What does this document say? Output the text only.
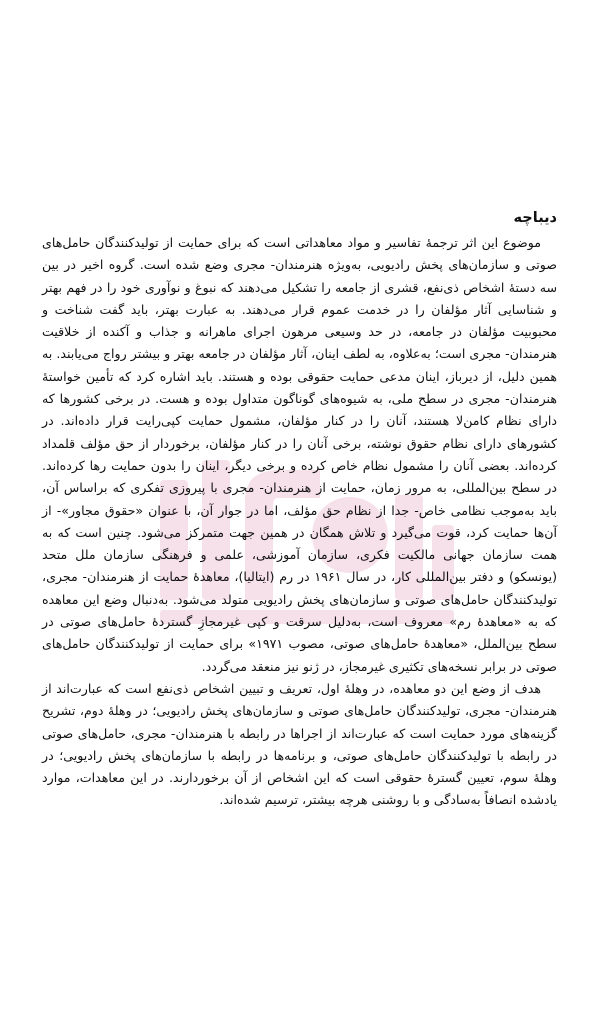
دیباچه

موضوع این اثر ترجمهٔ تفاسیر و مواد معاهداتی است که برای حمایت از تولیدکنندگان حامل‌های صوتی و سازمان‌های پخش رادیویی، به‌ویژه هنرمندان- مجری وضع شده است. گروه اخیر در بین سه دستهٔ اشخاص ذی‌نفع، قشری از جامعه را تشکیل می‌دهند که نبوغ و نوآوری خود را در فهم بهتر و شناسایی آثار مؤلفان را در خدمت عموم قرار می‌دهند. به عبارت بهتر، باید گفت شناخت و محبوبیت مؤلفان در جامعه، در حد وسیعی مرهون اجرای ماهرانه و جذاب و آکنده از خلاقیت هنرمندان- مجری است؛ به‌علاوه، به لطف اینان، آثار مؤلفان در جامعه بهتر و بیشتر رواج می‌یابند. به همین دلیل، از دیرباز، اینان مدعی حمایت حقوقی بوده و هستند. باید اشاره کرد که تأمین خواستهٔ هنرمندان- مجری در سطح ملی، به شیوه‌های گوناگون متداول بوده و هست. در برخی کشورها که دارای نظام کامن‌لا هستند، آنان را در کنار مؤلفان، مشمول حمایت کپی‌رایت قرار داده‌اند. در کشورهای دارای نظام حقوق نوشته، برخی آنان را در کنار مؤلفان، برخوردار از حق مؤلف قلمداد کرده‌اند. بعضی آنان را مشمول نظام خاص کرده و برخی دیگر، اینان را بدون حمایت رها کرده‌اند. در سطح بین‌المللی، به مرور زمان، حمایت از هنرمندان- مجری با پیروزی تفکری که براساس آن، باید به‌موجب نظامی خاص- جدا از نظام حق مؤلف، اما در جوار آن، با عنوان «حقوق مجاور»- از آن‌ها حمایت کرد، قوت می‌گیرد و تلاش همگان در همین جهت متمرکز می‌شود. چنین است که به همت سازمان جهانی مالکیت فکری، سازمان آموزشی، علمی و فرهنگی سازمان ملل متحد (یونسکو) و دفتر بین‌المللی کار، در سال ۱۹۶۱ در رم (ایتالیا)، معاهدهٔ حمایت از هنرمندان- مجری، تولیدکنندگان حامل‌های صوتی و سازمان‌های پخش رادیویی متولد می‌شود. به‌دنبال وضع این معاهده که به «معاهدهٔ رم» معروف است، به‌دلیل سرقت و کپی غیرمجازِ گستردهٔ حامل‌های صوتی در سطح بین‌الملل، «معاهدهٔ حامل‌های صوتی، مصوب ۱۹۷۱» برای حمایت از تولیدکنندگان حامل‌های صوتی در برابر نسخه‌های تکثیری غیرمجاز، در ژنو نیز منعقد می‌گردد.

هدف از وضع این دو معاهده، در وهلهٔ اول، تعریف و تبیین اشخاص ذی‌نفع است که عبارت‌اند از هنرمندان- مجری، تولیدکنندگان حامل‌های صوتی و سازمان‌های پخش رادیویی؛ در وهلهٔ دوم، تشریح گزینه‌های مورد حمایت است که عبارت‌اند از اجراها در رابطه با هنرمندان- مجری، حامل‌های صوتی در رابطه با تولیدکنندگان حامل‌های صوتی، و برنامه‌ها در رابطه با سازمان‌های پخش رادیویی؛ در وهلهٔ سوم، تعیین گسترهٔ حقوقی است که این اشخاص از آن برخوردارند. در این معاهدات، موارد یادشده انصافاً به‌سادگی و با روشنی هرچه بیشتر، ترسیم شده‌اند.
